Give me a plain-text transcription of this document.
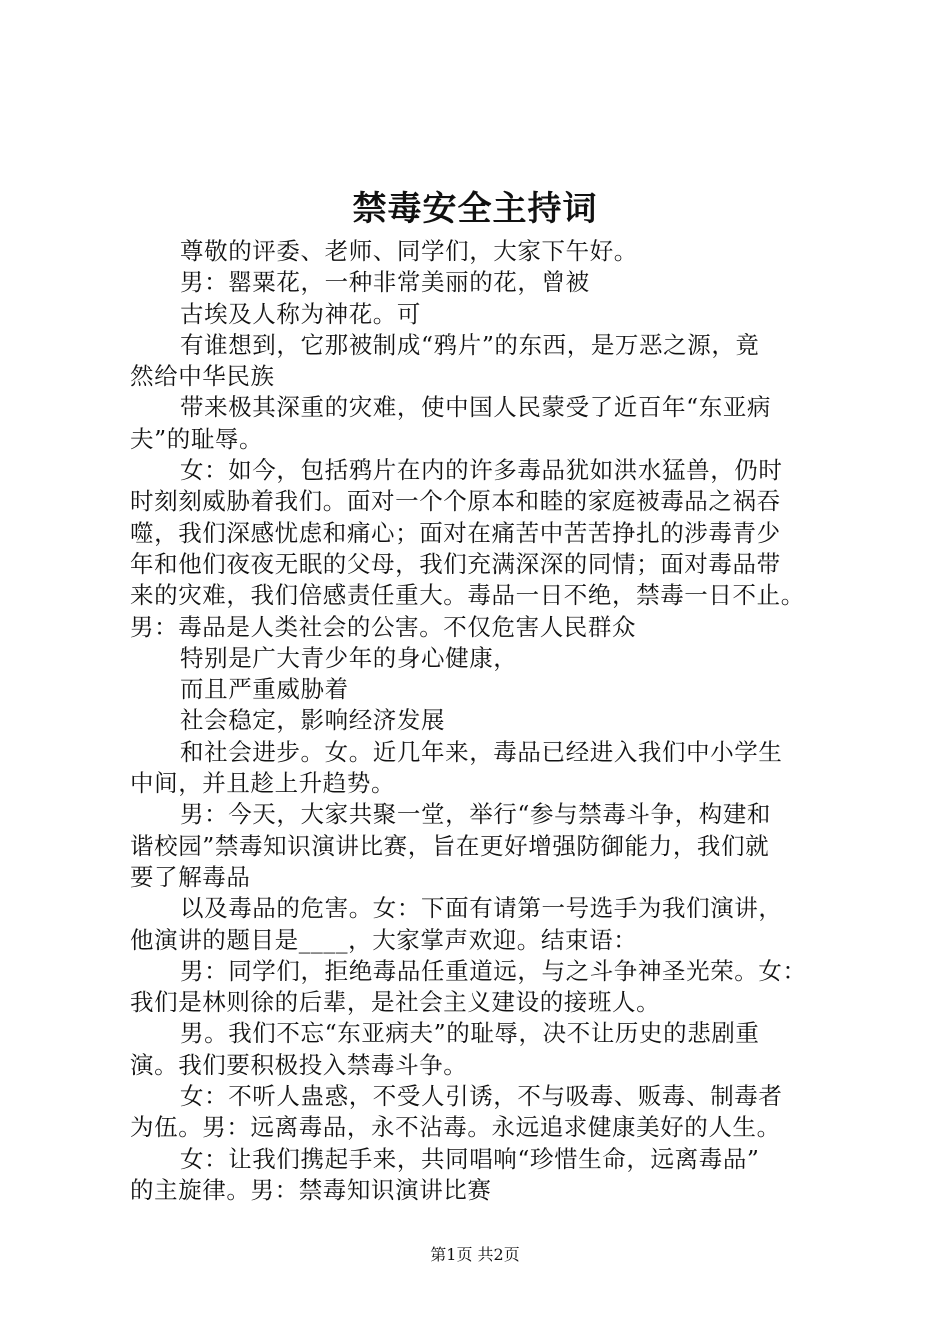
禁毒安全主持词
尊敬的评委、老师、同学们，大家下午好。
男：罂粟花，一种非常美丽的花，曾被
古埃及人称为神花。可
有谁想到，它那被制成“鸦片”的东西，是万恶之源，竟
然给中华民族
带来极其深重的灾难，使中国人民蒙受了近百年“东亚病
夫”的耻辱。
女：如今，包括鸦片在内的许多毒品犹如洪水猛兽，仍时
时刻刻威胁着我们。面对一个个原本和睦的家庭被毒品之祸吞
噬，我们深感忧虑和痛心；面对在痛苦中苦苦挣扎的涉毒青少
年和他们夜夜无眠的父母，我们充满深深的同情；面对毒品带
来的灾难，我们倍感责任重大。毒品一日不绝，禁毒一日不止。
男：毒品是人类社会的公害。不仅危害人民群众
特别是广大青少年的身心健康，
而且严重威胁着
社会稳定，影响经济发展
和社会进步。女。近几年来，毒品已经进入我们中小学生
中间，并且趁上升趋势。
男：今天，大家共聚一堂，举行“参与禁毒斗争，构建和
谐校园”禁毒知识演讲比赛，旨在更好增强防御能力，我们就
要了解毒品
以及毒品的危害。女：下面有请第一号选手为我们演讲，
他演讲的题目是____，大家掌声欢迎。结束语：
男：同学们，拒绝毒品任重道远，与之斗争神圣光荣。女：
我们是林则徐的后辈，是社会主义建设的接班人。
男。我们不忘“东亚病夫”的耻辱，决不让历史的悲剧重
演。我们要积极投入禁毒斗争。
女：不听人蛊惑，不受人引诱，不与吸毒、贩毒、制毒者
为伍。男：远离毒品，永不沾毒。永远追求健康美好的人生。
女：让我们携起手来，共同唱响“珍惜生命，远离毒品”
的主旋律。男：禁毒知识演讲比赛
第1页 共2页
